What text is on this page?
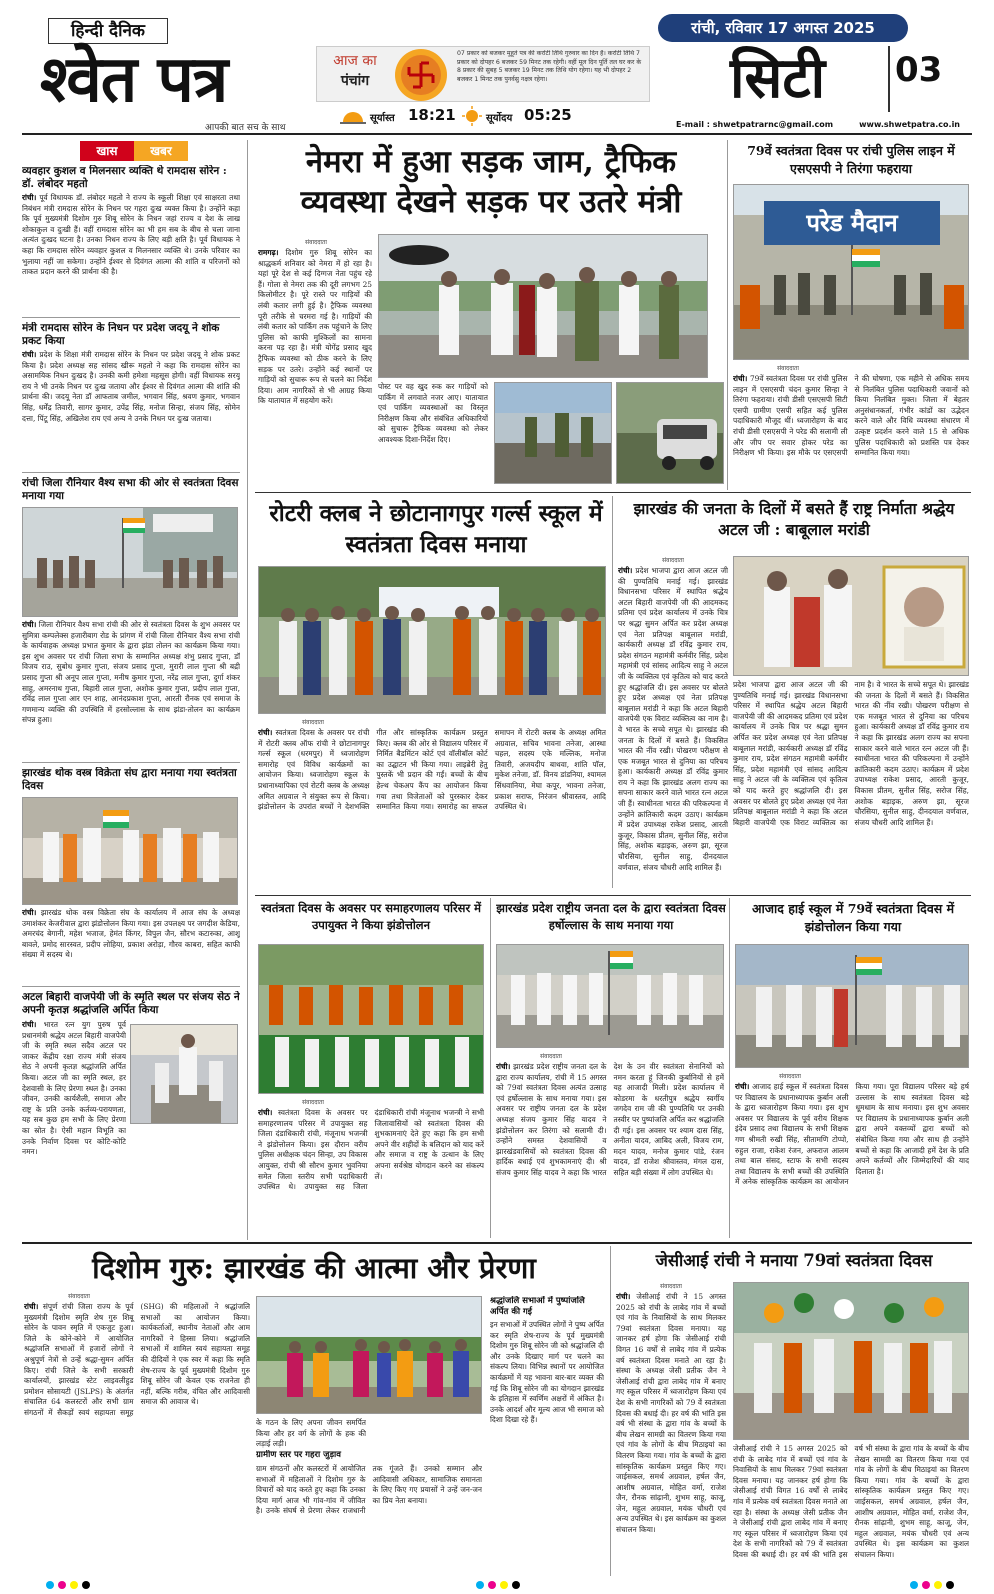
हिन्दी दैनिक
श्वेत पत्र
आपकी बात सच के साथ
आज का
पंचांग
07 प्रकार को बजकर मुहूर्त पत्र की करोंटी तिथि गुरुवार का दिन है। करोंटी तिथि 7 प्रकार को दोपहर 6 बजकर 59 मिनट तक रहेगी। वहीं मूल दिन पूर्ति तल घर कर के 8 प्रकार की सुबह 5 बजकर 19 मिनट तक तिथि योग रहेगा। यह भी दोपहर 2 बजकर 1 मिनट तक पुनर्वसु नक्षत्र रहेगा।
सूर्यास्त 18:21	सूर्योदय 05:25
रांची, रविवार 17 अगस्त 2025
सिटी	03
E-mail : shwetpatrarnc@gmail.com	www.shwetpatra.co.in
खास	खबर
व्यवहार कुशल व मिलनसार व्यक्ति थे रामदास सोरेन : डॉ. लंबोदर महतो
रांची। पूर्व विधायक डॉ. लंबोदर महतो ने राज्य के स्कूली शिक्षा एवं साक्षरता तथा निबंधन मंत्री रामदास सोरेन के निधन पर गहरा दुःख व्यक्त किया है। उन्होंने कहा कि पूर्व मुख्यमंत्री दिशोम गुरु शिबू सोरेन के निधन जहां राज्य व देश के लाख शोकाकुल व दुःखी हैं। वहीं रामदास सोरेन का भी हम सब के बीच से चला जाना अत्यंत दुःखद घटना है। उनका निधन राज्य के लिए बड़ी क्षति है। पूर्व विधायक ने कहा कि रामदास सोरेन व्यवहार कुशल व मिलनसार व्यक्ति थे। उनके परिवार का भुलाया नहीं जा सकेगा। उन्होंने ईश्वर से दिवंगत आत्मा की शांति व परिजनों को ताकत प्रदान करने की प्रार्थना की है।
मंत्री रामदास सोरेन के निधन पर प्रदेश जदयू ने शोक प्रकट किया
रांची। प्रदेश के शिक्षा मंत्री रामदास सोरेन के निधन पर प्रदेश जदयू ने शोक प्रकट किया है। प्रदेश अध्यक्ष सह सांसद खीरू महतो ने कहा कि रामदास सोरेन का असामयिक निधन दुःखद है। उनकी कमी हमेशा महसूस होगी। वहीं विधायक सरयू राय ने भी उनके निधन पर दुःख जताया और ईश्वर से दिवंगत आत्मा की शांति की प्रार्थना की। जदयू नेता डॉ आफताब जमील, भगवान सिंह, श्रवण कुमार, भगवान सिंह, धर्मेंद्र तिवारी, सागर कुमार, उपेंद्र सिंह, मनोज सिन्हा, संजय सिंह, सोमेन दत्ता, पिंटू सिंह, अखिलेश राय एवं अन्य ने उनके निधन पर दुःख जताया।
रांची जिला रौनियार वैश्य सभा की ओर से स्वतंत्रता दिवस मनाया गया
रांची। जिला रौनियार वैश्य सभा रांची की ओर से स्वतंत्रता दिवस के शुभ अवसर पर सुमित्रा कम्पलेक्स हजारीबाग रोड के प्रांगण में रांची जिला रौनियार वैश्य सभा रांची के कार्यवाहक अध्यक्ष प्रभात कुमार के द्वारा झंडा तोलन का कार्यक्रम किया गया। इस शुभ अवसर पर रांची जिला सभा के सम्मानित अध्यक्ष शंभु प्रसाद गुप्ता, डॉ विजय राउ, सुबोध कुमार गुप्ता, संजय प्रसाद गुप्ता, मुरारी लाल गुप्ता श्री बद्री प्रसाद गुप्ता श्री अनूप लाल गुप्ता, मनीष कुमार गुप्ता, नरेंद्र लाल गुप्ता, दुर्गा शंकर साहु, अमरनाथ गुप्ता, बिहारी लाल गुप्ता, अशोक कुमार गुप्ता, प्रदीप लाल गुप्ता, रविंद्र लाल गुप्ता आर एन शाह, आनंदप्रकाश गुप्ता, आरती रौनक एवं समाज के गणमान्य व्यक्ति की उपस्थिति में हरसोल्लास के साथ झंडा-तोलन का कार्यक्रम संपन्न हुआ।
झारखंड थोक वस्त्र विक्रेता संघ द्वारा मनाया गया स्वतंत्रता दिवस
रांची। झारखंड थोक वस्त्र विक्रेता संघ के कार्यालय में आज संघ के अध्यक्ष उमाशंकर केजरीवाल द्वारा झंडोत्तोलन किया गया। इस उपलक्ष्य पर जगदीश केडिया, अमरचंद बेगानी, महेश भजाज, हेमंत किंगर, विपुल जैन, सौरभ कटारुका, आशू बावले, प्रमोद सारस्वत, प्रदीप लोहिया, प्रकाश अरोड़ा, गौरव काबरा, सहित काफी संख्या में सदस्य थे।
अटल बिहारी वाजपेयी जी के स्मृति स्थल पर संजय सेठ ने अपनी कृतज्ञ श्रद्धांजलि अर्पित किया
रांची। भारत रत्न युग पुरुष पूर्व प्रधानमंत्री श्रद्धेय अटल बिहारी वाजपेयी जी के स्मृति स्थल सदैव अटल पर जाकर केंद्रीय रक्षा राज्य मंत्री संजय सेठ ने अपनी कृतज्ञ श्रद्धांजलि अर्पित किया। अटल जी का स्मृति स्थल, हर देशवासी के लिए प्रेरणा स्थल है। उनका जीवन, उनकी कार्यशैली, समाज और राष्ट्र के प्रति उनके कर्तव्य-परायणता, यह सब कुछ हम सभी के लिए प्रेरणा का स्रोत है। ऐसी महान विभूति का उनके निर्वाण दिवस पर कोटि-कोटि नमन।
नेमरा में हुआ सड़क जाम, ट्रैफिक व्यवस्था देखने सड़क पर उतरे मंत्री
संवाददाता
रामगढ़। दिशोम गुरु शिबू सोरेन का श्राद्धकर्म शनिवार को नेमरा में हो रहा है। यहां पूरे देश से कई दिग्गज नेता पहुंच रहे हैं। गोला से नेमरा तक की दूरी लगभग 25 किलोमीटर है। पूरे रास्ते पर गाड़ियों की लंबी कतार लगी हुई है। ट्रैफिक व्यवस्था पूरी तरीके से चरमरा गई है। गाड़ियों की लंबी कतार को पार्किंग तक पहुंचाने के लिए पुलिस को काफी मुश्किलों का सामना करना पड़ रहा है। मंत्री योगेंद्र प्रसाद खुद ट्रैफिक व्यवस्था को ठीक करने के लिए सड़क पर उतरे। उन्होंने कई स्थानों पर गाड़ियों को सुचारू रूप से चलने का निर्देश दिया। आम नागरिकों से भी आग्रह किया कि यातायात में सहयोग करें।
पोस्ट पर वह खुद रुक कर गाड़ियों को पार्किंग में लगवाते नजर आए। यातायात एवं पार्किंग व्यवस्थाओं का विस्तृत निरीक्षण किया और संबंधित अधिकारियों को सुचारू ट्रैफिक व्यवस्था को लेकर आवश्यक दिशा-निर्देश दिए।
79वें स्वतंत्रता दिवस पर रांची पुलिस लाइन में एसएसपी ने तिरंगा फहराया
परेड मैदान
संवाददाता
रांची। 79वें स्वतंत्रता दिवस पर रांची पुलिस लाइन में एसएसपी चंदन कुमार सिन्हा ने तिरंगा फहराया। रांची डीसी एसएसपी सिटी एसपी ग्रामीण एसपी सहित कई पुलिस पदाधिकारी मौजूद थीं। ध्वजारोहण के बाद रांची डीसी एसएसपी ने परेड की सलामी ली और जीप पर सवार होकर परेड का निरीक्षण भी किया। इस मौके पर एसएसपी ने की घोषणा, एक महीने से अधिक समय से निलंबित पुलिस पदाधिकारी जवानों को किया निलंबित मुक्त। जिला में बेहतर अनुसंधानकर्ता, गंभीर कांडों का उद्भेदन करने वाले और विधि व्यवस्था संधारण में उत्कृष्ट प्रदर्शन करने वाले 15 से अधिक पुलिस पदाधिकारी को प्रशस्ति पत्र देकर सम्मानित किया गया।
रोटरी क्लब ने छोटानागपुर गर्ल्स स्कूल में स्वतंत्रता दिवस मनाया
संवाददाता
रांची। स्वतंत्रता दिवस के अवसर पर रांची में रोटरी क्लब ऑफ रांची ने छोटानागपुर गर्ल्स स्कूल (धरमपुर) में ध्वजारोहण समारोह एवं विविध कार्यक्रमों का आयोजन किया। ध्वजारोहण स्कूल के प्रधानाध्यापिका एवं रोटरी क्लब के अध्यक्ष अमित अग्रवाल ने संयुक्त रूप से किया। झंडोत्तोलन के उपरांत बच्चों ने देशभक्ति गीत और सांस्कृतिक कार्यक्रम प्रस्तुत किए। क्लब की ओर से विद्यालय परिसर में निर्मित बैडमिंटन कोर्ट एवं वॉलीबॉल कोर्ट का उद्घाटन भी किया गया। लाइब्रेरी हेतु पुस्तकें भी प्रदान की गईं। बच्चों के बीच हेल्थ चेकअप कैंप का आयोजन किया गया तथा विजेताओं को पुरस्कार देकर सम्मानित किया गया। समारोह का सफल समापन में रोटरी क्लब के अध्यक्ष अमित अग्रवाल, सचिव भावना तनेजा, आस्था चहल, सदस्य एके मल्लिक, मनोज तिवारी, अजयदीप बाथवा, शांति पॉल, मुकेश तनेजा, डॉ. विनय डांडनिया, श्यामल सिंधवानिया, मेघा कपूर, भावना तनेजा, प्रकाश सराफ, निरंजन श्रीवास्तव, आदि उपस्थित थे।
झारखंड की जनता के दिलों में बसते हैं राष्ट्र निर्माता श्रद्धेय अटल जी : बाबूलाल मरांडी
संवाददाता
रांची। प्रदेश भाजपा द्वारा आज अटल जी की पुण्यतिथि मनाई गई। झारखंड विधानसभा परिसर में स्थापित श्रद्धेय अटल बिहारी वाजपेयी जी की आदमकद प्रतिमा एवं प्रदेश कार्यालय में उनके चित्र पर श्रद्धा सुमन अर्पित कर प्रदेश अध्यक्ष एवं नेता प्रतिपक्ष बाबूलाल मरांडी, कार्यकारी अध्यक्ष डॉ रविंद्र कुमार राय, प्रदेश संगठन महामंत्री कर्मवीर सिंह, प्रदेश महामंत्री एवं सांसद आदित्य साहु ने अटल जी के व्यक्तित्व एवं कृतित्व को याद करते हुए श्रद्धांजलि दी। इस अवसर पर बोलते हुए प्रदेश अध्यक्ष एवं नेता प्रतिपक्ष बाबूलाल मरांडी ने कहा कि अटल बिहारी वाजपेयी एक विराट व्यक्तित्व का नाम है। वे भारत के सच्चे सपूत थे। झारखंड की जनता के दिलों में बसते हैं। विकसित भारत की नींव रखी। पोखरण परीक्षण से एक मजबूत भारत से दुनिया का परिचय हुआ। कार्यकारी अध्यक्ष डॉ रविंद्र कुमार राय ने कहा कि झारखंड अलग राज्य का सपना साकार करने वाले भारत रत्न अटल जी हैं। स्वाधीनता भारत की परिकल्पना में उन्होंने क्रांतिकारी कदम उठाए। कार्यक्रम में प्रदेश उपाध्यक्ष राकेश प्रसाद, आरती कुजूर, विकास प्रीतम, सुनील सिंह, सरोज सिंह, अशोक बड़ाइक, अरुण झा, सूरज चौरसिया, सुनील साहु, दीनदयाल वर्णवाल, संजय चौधरी आदि शामिल हैं।
प्रदेश भाजपा द्वारा आज अटल जी की पुण्यतिथि मनाई गई। झारखंड विधानसभा परिसर में स्थापित श्रद्धेय अटल बिहारी वाजपेयी जी की आदमकद प्रतिमा एवं प्रदेश कार्यालय में उनके चित्र पर श्रद्धा सुमन अर्पित कर प्रदेश अध्यक्ष एवं नेता प्रतिपक्ष बाबूलाल मरांडी, कार्यकारी अध्यक्ष डॉ रविंद्र कुमार राय, प्रदेश संगठन महामंत्री कर्मवीर सिंह, प्रदेश महामंत्री एवं सांसद आदित्य साहु ने अटल जी के व्यक्तित्व एवं कृतित्व को याद करते हुए श्रद्धांजलि दी। इस अवसर पर बोलते हुए प्रदेश अध्यक्ष एवं नेता प्रतिपक्ष बाबूलाल मरांडी ने कहा कि अटल बिहारी वाजपेयी एक विराट व्यक्तित्व का नाम है। वे भारत के सच्चे सपूत थे। झारखंड की जनता के दिलों में बसते हैं। विकसित भारत की नींव रखी। पोखरण परीक्षण से एक मजबूत भारत से दुनिया का परिचय हुआ। कार्यकारी अध्यक्ष डॉ रविंद्र कुमार राय ने कहा कि झारखंड अलग राज्य का सपना साकार करने वाले भारत रत्न अटल जी हैं। स्वाधीनता भारत की परिकल्पना में उन्होंने क्रांतिकारी कदम उठाए। कार्यक्रम में प्रदेश उपाध्यक्ष राकेश प्रसाद, आरती कुजूर, विकास प्रीतम, सुनील सिंह, सरोज सिंह, अशोक बड़ाइक, अरुण झा, सूरज चौरसिया, सुनील साहु, दीनदयाल वर्णवाल, संजय चौधरी आदि शामिल हैं।
स्वतंत्रता दिवस के अवसर पर समाहरणालय परिसर में उपायुक्त ने किया झंडोत्तोलन
संवाददाता
रांची। स्वतंत्रता दिवस के अवसर पर समाहरणालय परिसर में उपायुक्त सह जिला दंडाधिकारी रांची, मंजूनाथ भजन्त्री ने झंडोत्तोलन किया। इस दौरान वरीय पुलिस अधीक्षक चंदन सिन्हा, उप विकास आयुक्त, रांची श्री सौरभ कुमार भुवनिया समेत जिला स्तरीय सभी पदाधिकारी उपस्थित थे। उपायुक्त सह जिला दंडाधिकारी रांची मंजूनाथ भजन्त्री ने सभी जिलावासियों को स्वतंत्रता दिवस की शुभकामनाएं देते हुए कहा कि हम सभी अपने वीर शहीदों के बलिदान को याद करें और समाज व राष्ट्र के उत्थान के लिए अपना सर्वश्रेष्ठ योगदान करने का संकल्प लें।
झारखंड प्रदेश राष्ट्रीय जनता दल के द्वारा स्वतंत्रता दिवस हर्षोल्लास के साथ मनाया गया
संवाददाता
रांची। झारखंड प्रदेश राष्ट्रीय जनता दल के द्वारा राज्य कार्यालय, रांची में 15 अगस्त को 79वां स्वतंत्रता दिवस अत्यंत उत्साह एवं हर्षोल्लास के साथ मनाया गया। इस अवसर पर राष्ट्रीय जनता दल के प्रदेश अध्यक्ष संजय कुमार सिंह यादव ने झंडोत्तोलन कर तिरंगा को सलामी दी। उन्होंने समस्त देशवासियों व झारखंडवासियों को स्वतंत्रता दिवस की हार्दिक बधाई एवं शुभकामनाएं दी। श्री संजय कुमार सिंह यादव ने कहा कि भारत देश के उन वीर स्वतंत्रता सेनानियों को नमन करता हूं जिनकी कुर्बानियों से हमें यह आजादी मिली। प्रदेश कार्यालय में कोडरमा के धरतीपुत्र श्रद्धेय स्वर्गीय जगदेव राम जी की पुण्यतिथि पर उनकी तस्वीर पर पुष्पांजलि अर्पित कर श्रद्धांजलि दी गई। इस अवसर पर श्याम दास सिंह, अनीता यादव, आबिद अली, विजय राम, मदन यादव, मनोज कुमार पांडे, रंजन यादव, डॉ राजेश श्रीवास्तव, मंगल दास, सहित बड़ी संख्या में लोग उपस्थित थे।
आजाद हाई स्कूल में 79वें स्वतंत्रता दिवस में झंडोत्तोलन किया गया
संवाददाता
रांची। आजाद हाई स्कूल में स्वतंत्रता दिवस पर विद्यालय के प्रधानाध्यापक कुर्बान अली के द्वारा ध्वजारोहण किया गया। इस शुभ अवसर पर विद्यालय के पूर्व वरीय शिक्षक इंदेव प्रसाद तथा विद्यालय के सभी शिक्षक गण श्रीमती रुखी सिंह, सीतामणि टोप्पो, रुहुल राजा, राकेश रंजन, अफराज आलम तथा बाल संसद, स्टाफ के सभी सदस्य तथा विद्यालय के सभी बच्चों की उपस्थिति में अनेक सांस्कृतिक कार्यक्रम का आयोजन किया गया। पूरा विद्यालय परिसर बड़े हर्ष उल्लास के साथ स्वतंत्रता दिवस बड़े धूमधाम के साथ मनाया। इस शुभ अवसर पर विद्यालय के प्रधानाध्यापक कुर्बान अली द्वारा अपने वक्तव्यों द्वारा बच्चों को संबोधित किया गया और साथ ही उन्होंने बच्चों से कहा कि आजादी हमें देश के प्रति अपने कर्तव्यों और जिम्मेदारियों की याद दिलाता है।
दिशोम गुरु: झारखंड की आत्मा और प्रेरणा
संवाददाता
रांची। संपूर्ण रांची जिला राज्य के पूर्व मुख्यमंत्री दिशोम स्मृति शेष गुरु शिबू सोरेन के पावन स्मृति में एकजुट हुआ। जिले के कोने-कोने में आयोजित श्रद्धांजलि सभाओं में हजारों लोगों ने अश्रुपूर्ण नेत्रों से उन्हें श्रद्धा-सुमन अर्पित किए। रांची जिले के सभी सरकारी कार्यालयों, झारखंड स्टेट लाइवलीहुड प्रमोशन सोसायटी (JSLPS) के अंतर्गत संचालित 64 कलस्टरों और सभी ग्राम संगठनों में सैकड़ों स्वयं सहायता समूह (SHG) की महिलाओं ने श्रद्धांजलि सभाओं का आयोजन किया। कार्यकर्ताओं, स्थानीय नेताओं और आम नागरिकों ने हिस्सा लिया। श्रद्धांजलि सभाओं में शामिल स्वयं सहायता समूह की दीदियों ने एक स्वर में कहा कि स्मृति शेष-राज्य के पूर्व मुख्यमंत्री दिशोम गुरु शिबू सोरेन जी केवल एक राजनेता ही नहीं, बल्कि गरीब, वंचित और आदिवासी समाज की आवाज थे।
के गठन के लिए अपना जीवन समर्पित किया और हर वर्ग के लोगों के हक की लड़ाई लड़ी।
ग्रामीण स्तर पर गहरा जुड़ाव
ग्राम संगठनों और कलस्टरों में आयोजित सभाओं में महिलाओं ने दिशोम गुरु के विचारों को याद करते हुए कहा कि उनका दिया मार्ग आज भी गांव-गांव में जीवित है। उनके संघर्ष से प्रेरणा लेकर राजधानी तक गूंजते हैं। उनको सम्मान और आदिवासी अधिकार, सामाजिक समानता के लिए किए गए प्रयासों ने उन्हें जन-जन का प्रिय नेता बनाया।
श्रद्धांजलि सभाओं में पुष्पांजलि अर्पित की गई
इन सभाओं में उपस्थित लोगों ने पुष्प अर्पित कर स्मृति शेष-राज्य के पूर्व मुख्यमंत्री दिशोम गुरु शिबू सोरेन जी को श्रद्धांजलि दी और उनके दिखाए मार्ग पर चलने का संकल्प लिया। विभिन्न स्थानों पर आयोजित कार्यक्रमों में यह भावना बार-बार व्यक्त की गई कि शिबू सोरेन जी का योगदान झारखंड के इतिहास में स्वर्णिम अक्षरों में अंकित है। उनके आदर्श और मूल्य आज भी समाज को दिशा दिखा रहे हैं।
जेसीआई रांची ने मनाया 79वां स्वतंत्रता दिवस
संवाददाता
रांची। जेसीआई रांची ने 15 अगस्त 2025 को रांची के लाबेद गांव में बच्चों एवं गांव के निवासियों के साथ मिलकर 79वां स्वतंत्रता दिवस मनाया। यह जानकर हर्ष होगा कि जेसीआई रांची विगत 16 वर्षों से लाबेद गांव में प्रत्येक वर्ष स्वतंत्रता दिवस मनाते आ रहा है। संस्था के अध्यक्ष जेसी प्रतीक जैन ने जेसीआई रांची द्वारा लाबेद गांव में बनाए गए स्कूल परिसर में ध्वजारोहण किया एवं देश के सभी नागरिकों को 79 वें स्वतंत्रता दिवस की बधाई दी। हर वर्ष की भांति इस वर्ष भी संस्था के द्वारा गांव के बच्चों के बीच लेखन सामग्री का वितरण किया गया एवं गांव के लोगों के बीच मिठाइयां का वितरण किया गया। गांव के बच्चों के द्वारा सांस्कृतिक कार्यक्रम प्रस्तुत किए गए। जाईसकल, समर्थ अग्रवाल, हर्षल जैन, आशीष अग्रवाल, मोहित वर्मा, राजेश जैन, रौनक सांढ़ानी, शुभम साहू, काजू, जेन, महुल अग्रवाल, मयंक चौधरी एवं अन्य उपस्थित थे। इस कार्यक्रम का कुशल संचालन किया।
जेसीआई रांची ने 15 अगस्त 2025 को रांची के लाबेद गांव में बच्चों एवं गांव के निवासियों के साथ मिलकर 79वां स्वतंत्रता दिवस मनाया। यह जानकर हर्ष होगा कि जेसीआई रांची विगत 16 वर्षों से लाबेद गांव में प्रत्येक वर्ष स्वतंत्रता दिवस मनाते आ रहा है। संस्था के अध्यक्ष जेसी प्रतीक जैन ने जेसीआई रांची द्वारा लाबेद गांव में बनाए गए स्कूल परिसर में ध्वजारोहण किया एवं देश के सभी नागरिकों को 79 वें स्वतंत्रता दिवस की बधाई दी। हर वर्ष की भांति इस वर्ष भी संस्था के द्वारा गांव के बच्चों के बीच लेखन सामग्री का वितरण किया गया एवं गांव के लोगों के बीच मिठाइयां का वितरण किया गया। गांव के बच्चों के द्वारा सांस्कृतिक कार्यक्रम प्रस्तुत किए गए। जाईसकल, समर्थ अग्रवाल, हर्षल जैन, आशीष अग्रवाल, मोहित वर्मा, राजेश जैन, रौनक सांढ़ानी, शुभम साहू, काजू, जेन, महुल अग्रवाल, मयंक चौधरी एवं अन्य उपस्थित थे। इस कार्यक्रम का कुशल संचालन किया।
